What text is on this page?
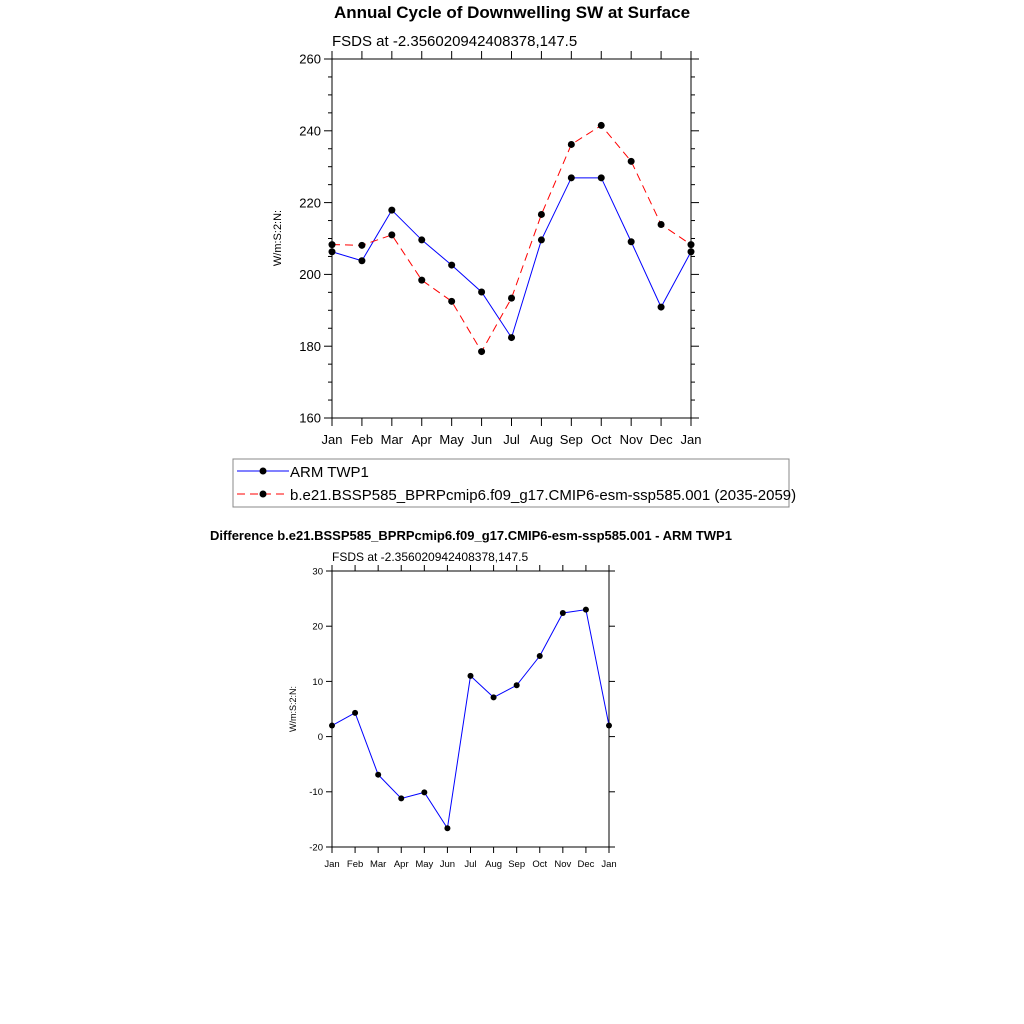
Annual Cycle of Downwelling SW at Surface
FSDS at -2.356020942408378,147.5
W/m:S:2:N:
Jan Feb Mar Apr May Jun Jul Aug Sep Oct Nov Dec Jan
160
180
200
220
240
260
ARM TWP1
b.e21.BSSP585_BPRPcmip6.f09_g17.CMIP6-esm-ssp585.001 (2035-2059)
Difference b.e21.BSSP585_BPRPcmip6.f09_g17.CMIP6-esm-ssp585.001 - ARM TWP1
FSDS at -2.356020942408378,147.5
W/m:S:2:N:
Jan Feb Mar Apr May Jun Jul Aug Sep Oct Nov Dec Jan
-20
-10
0
10
20
30
